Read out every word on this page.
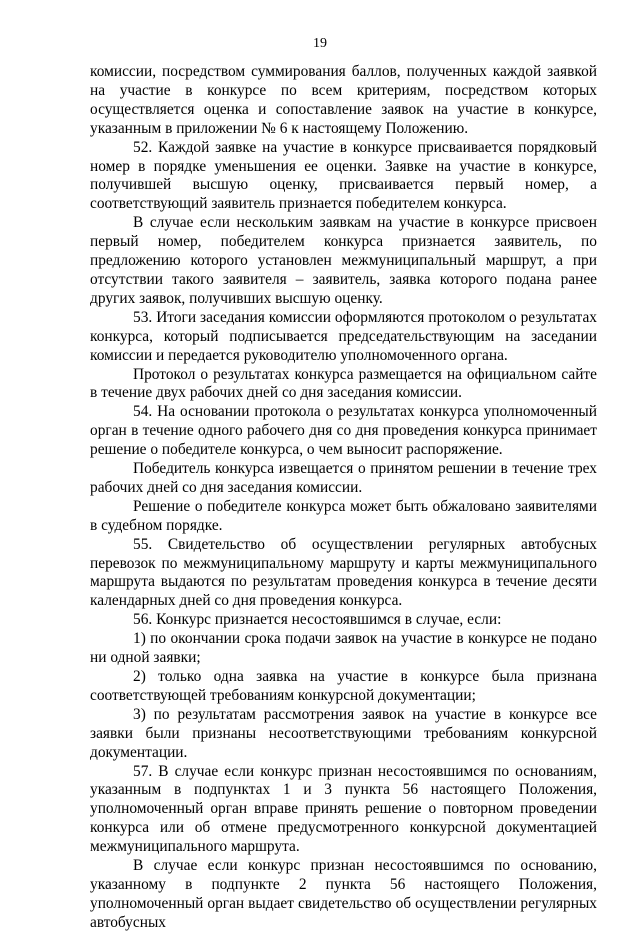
19

комиссии, посредством суммирования баллов, полученных каждой заявкой на участие в конкурсе по всем критериям, посредством которых осуществляется оценка и сопоставление заявок на участие в конкурсе, указанным в приложении № 6 к настоящему Положению.

52. Каждой заявке на участие в конкурсе присваивается порядковый номер в порядке уменьшения ее оценки. Заявке на участие в конкурсе, получившей высшую оценку, присваивается первый номер, а соответствующий заявитель признается победителем конкурса.

В случае если нескольким заявкам на участие в конкурсе присвоен первый номер, победителем конкурса признается заявитель, по предложению которого установлен межмуниципальный маршрут, а при отсутствии такого заявителя – заявитель, заявка которого подана ранее других заявок, получивших высшую оценку.

53. Итоги заседания комиссии оформляются протоколом о результатах конкурса, который подписывается председательствующим на заседании комиссии и передается руководителю уполномоченного органа.

Протокол о результатах конкурса размещается на официальном сайте в течение двух рабочих дней со дня заседания комиссии.

54. На основании протокола о результатах конкурса уполномоченный орган в течение одного рабочего дня со дня проведения конкурса принимает решение о победителе конкурса, о чем выносит распоряжение.

Победитель конкурса извещается о принятом решении в течение трех рабочих дней со дня заседания комиссии.

Решение о победителе конкурса может быть обжаловано заявителями в судебном порядке.

55. Свидетельство об осуществлении регулярных автобусных перевозок по межмуниципальному маршруту и карты межмуниципального маршрута выдаются по результатам проведения конкурса в течение десяти календарных дней со дня проведения конкурса.

56. Конкурс признается несостоявшимся в случае, если:

1) по окончании срока подачи заявок на участие в конкурсе не подано ни одной заявки;

2) только одна заявка на участие в конкурсе была признана соответствующей требованиям конкурсной документации;

3) по результатам рассмотрения заявок на участие в конкурсе все заявки были признаны несоответствующими требованиям конкурсной документации.

57. В случае если конкурс признан несостоявшимся по основаниям, указанным в подпунктах 1 и 3 пункта 56 настоящего Положения, уполномоченный орган вправе принять решение о повторном проведении конкурса или об отмене предусмотренного конкурсной документацией межмуниципального маршрута.

В случае если конкурс признан несостоявшимся по основанию, указанному в подпункте 2 пункта 56 настоящего Положения, уполномоченный орган выдает свидетельство об осуществлении регулярных автобусных
